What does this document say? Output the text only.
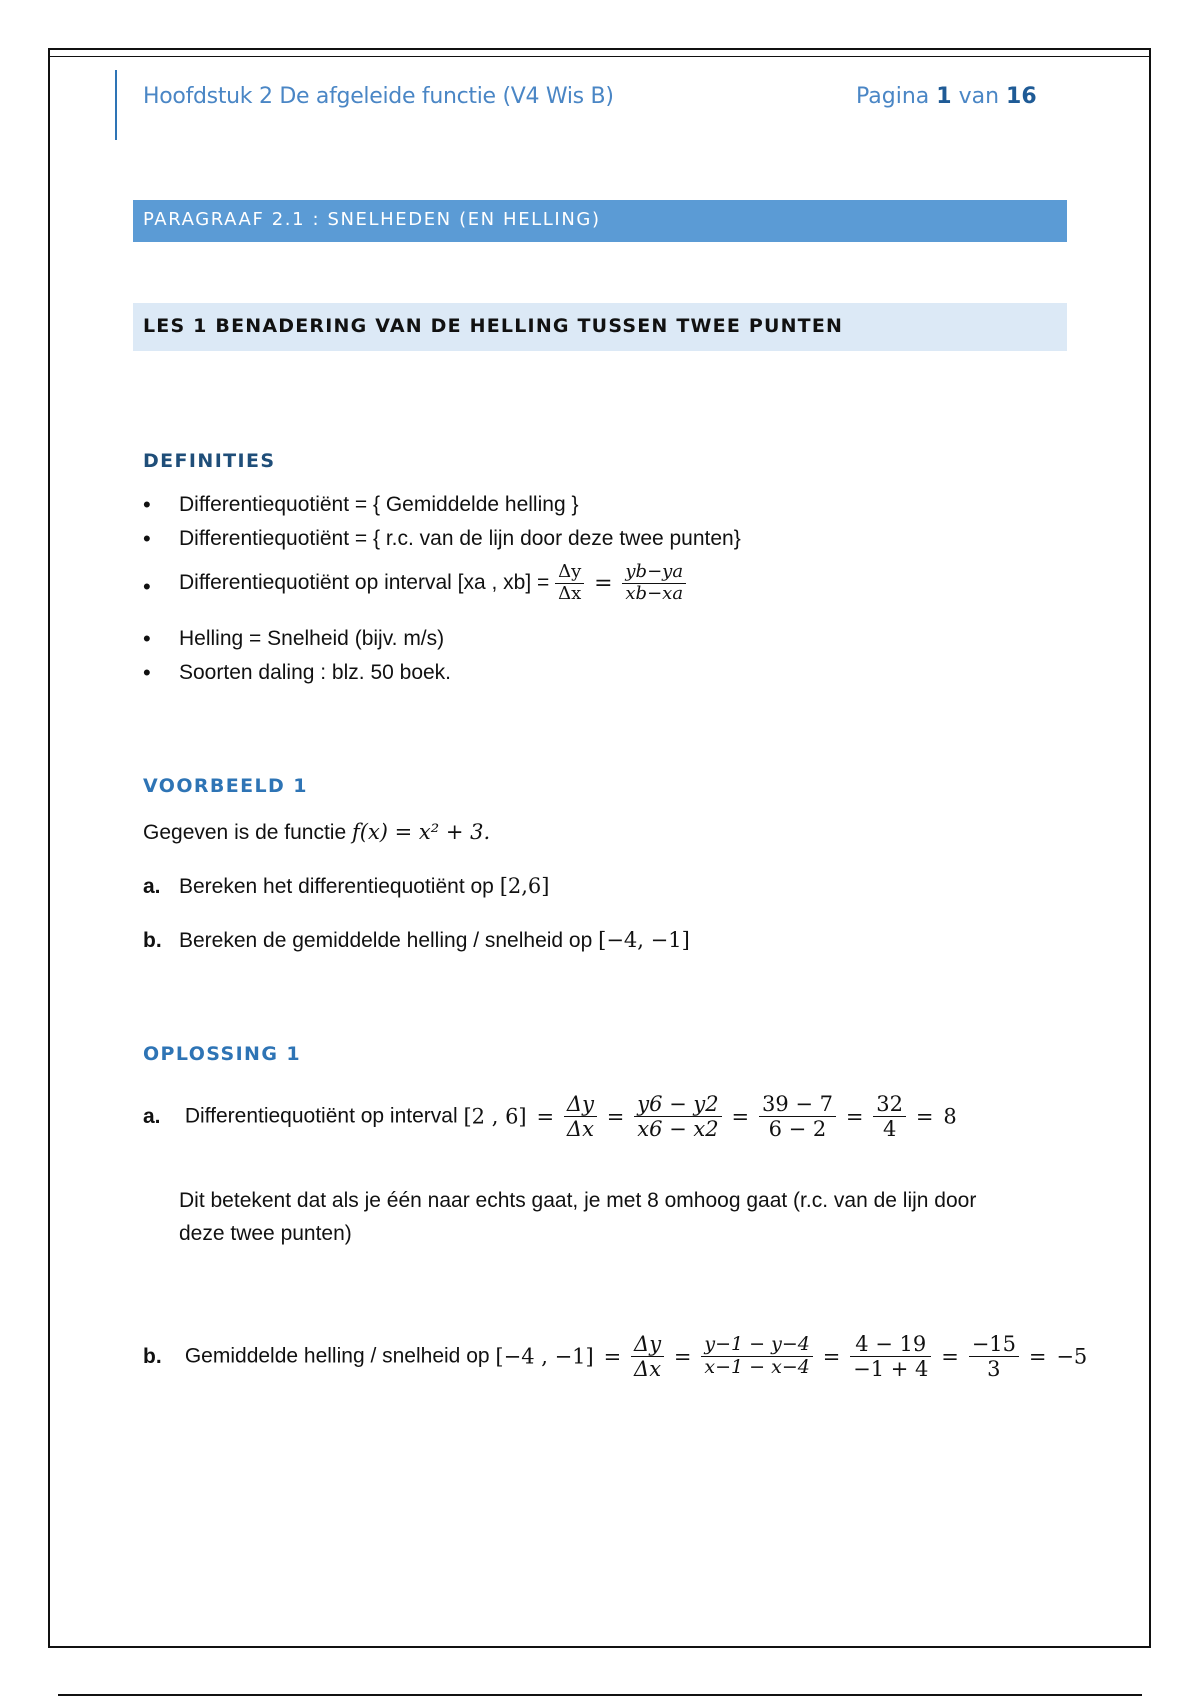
Hoofdstuk 2 De afgeleide functie (V4 Wis B)	Pagina 1 van 16
PARAGRAAF 2.1 : SNELHEDEN (EN HELLING)
LES 1 BENADERING VAN DE HELLING TUSSEN TWEE PUNTEN
DEFINITIES
• Differentiequotiënt = { Gemiddelde helling }
• Differentiequotiënt = { r.c. van de lijn door deze twee punten}
• Differentiequotiënt op interval [xa , $xb] = \frac{\Delta y}{\Delta x} = \frac{yb-ya}{xb-xa}$
• Helling = Snelheid (bijv. m/s)
• Soorten daling : blz. 50 boek.
VOORBEELD 1
Gegeven is de functie f(x) = x² + 3.
a. Bereken het differentiequotiënt op [2,6]
b. Bereken de gemiddelde helling / snelheid op [−4, −1]
OPLOSSING 1
a. Differentiequotiënt op interval [2 , $6] = \frac{\Delta y}{\Delta x} = \frac{y6 - y2}{x6 - x2} = \frac{39 - 7}{6 - 2} = \frac{32}{4} = 8$
Dit betekent dat als je één naar echts gaat, je met 8 omhoog gaat (r.c. van de lijn door
deze twee punten)
b. Gemiddelde helling / snelheid op [−4 , $-1] = \frac{\Delta y}{\Delta x} = \frac{y-1 - y-4}{x-1 - x-4} = \frac{4 - 19}{-1 + 4} = \frac{-15}{3} = -5$
